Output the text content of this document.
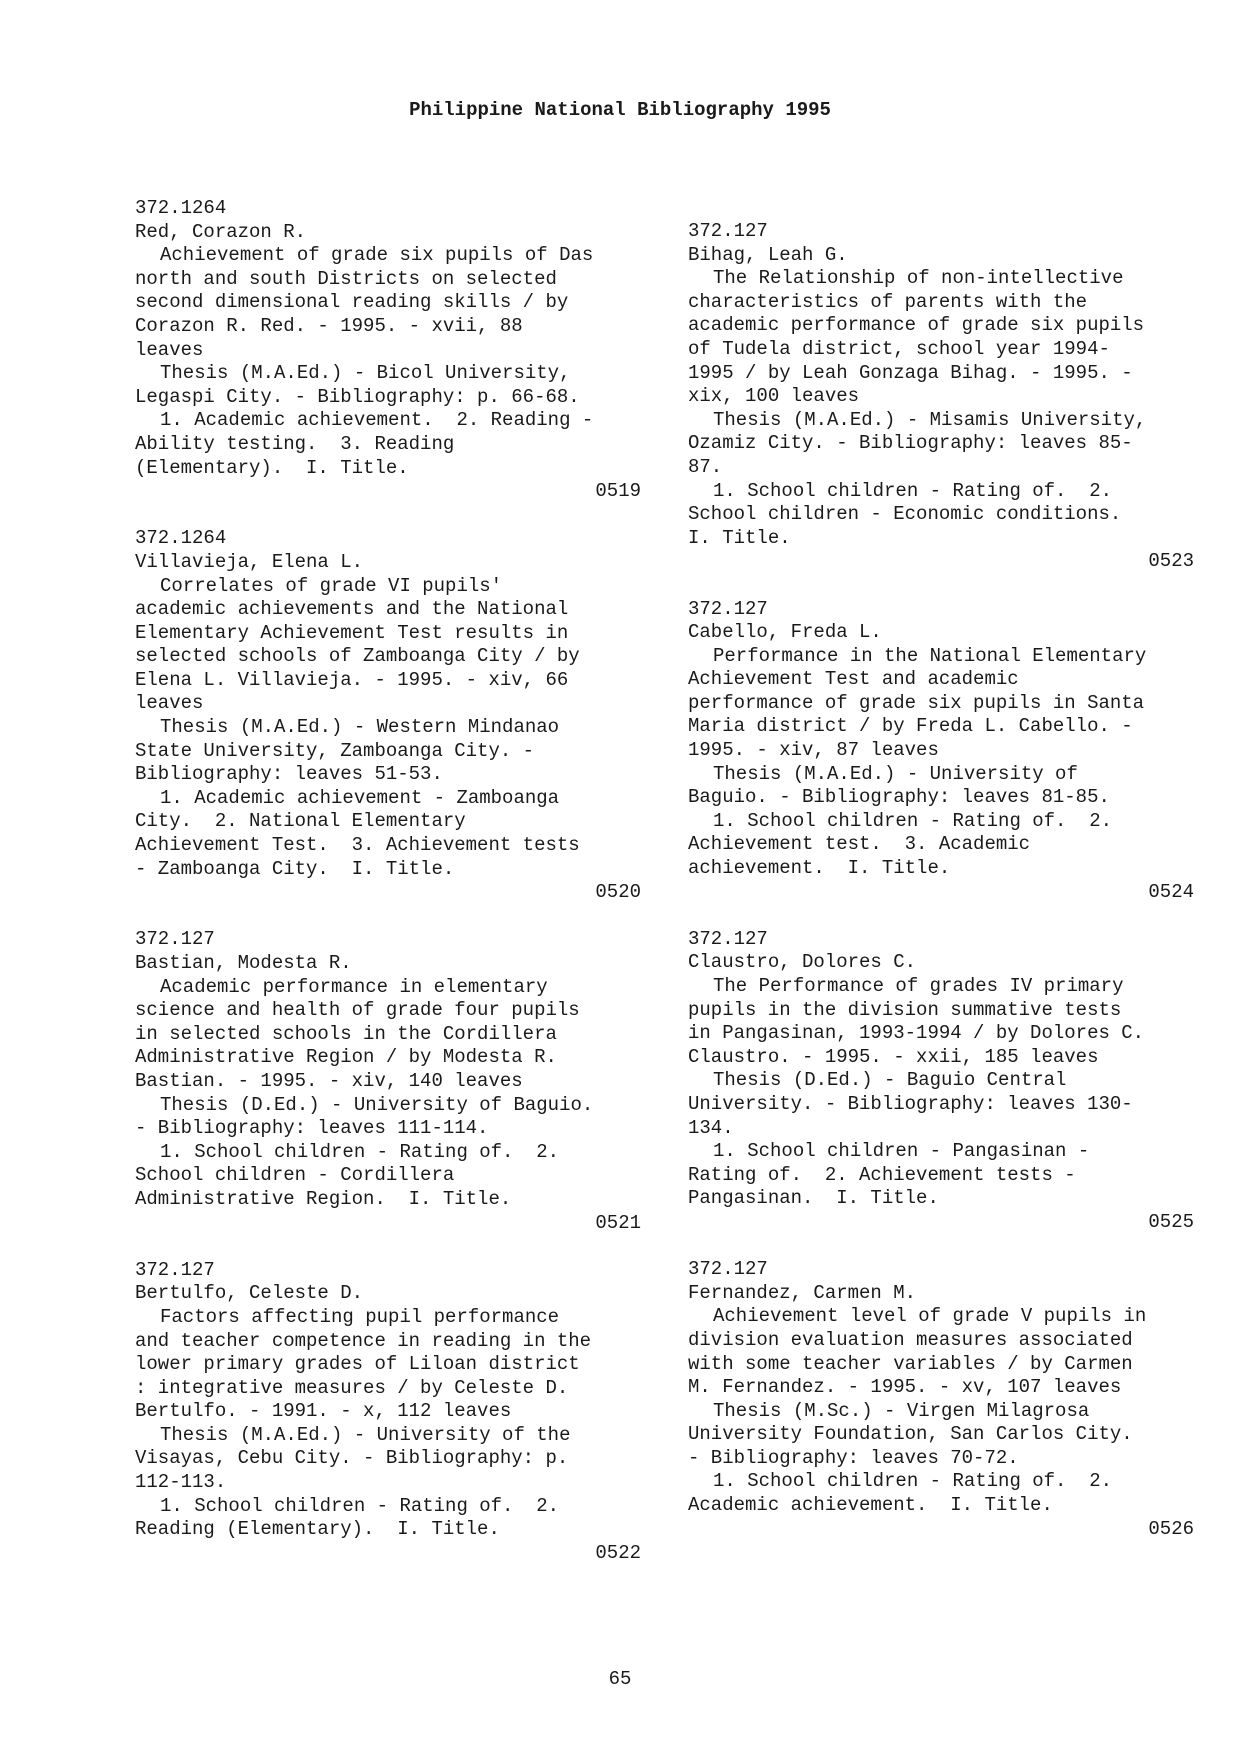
Philippine National Bibliography 1995
372.1264
Red, Corazon R.
Achievement of grade six pupils of Das
north and south Districts on selected
second dimensional reading skills / by
Corazon R. Red. - 1995. - xvii, 88
leaves
Thesis (M.A.Ed.) - Bicol University,
Legaspi City. - Bibliography: p. 66-68.
1. Academic achievement.  2. Reading -
Ability testing.  3. Reading
(Elementary).  I. Title.
0519
372.1264
Villavieja, Elena L.
Correlates of grade VI pupils'
academic achievements and the National
Elementary Achievement Test results in
selected schools of Zamboanga City / by
Elena L. Villavieja. - 1995. - xiv, 66
leaves
Thesis (M.A.Ed.) - Western Mindanao
State University, Zamboanga City. -
Bibliography: leaves 51-53.
1. Academic achievement - Zamboanga
City.  2. National Elementary
Achievement Test.  3. Achievement tests
- Zamboanga City.  I. Title.
0520
372.127
Bastian, Modesta R.
Academic performance in elementary
science and health of grade four pupils
in selected schools in the Cordillera
Administrative Region / by Modesta R.
Bastian. - 1995. - xiv, 140 leaves
Thesis (D.Ed.) - University of Baguio.
- Bibliography: leaves 111-114.
1. School children - Rating of.  2.
School children - Cordillera
Administrative Region.  I. Title.
0521
372.127
Bertulfo, Celeste D.
Factors affecting pupil performance
and teacher competence in reading in the
lower primary grades of Liloan district
: integrative measures / by Celeste D.
Bertulfo. - 1991. - x, 112 leaves
Thesis (M.A.Ed.) - University of the
Visayas, Cebu City. - Bibliography: p.
112-113.
1. School children - Rating of.  2.
Reading (Elementary).  I. Title.
0522
372.127
Bihag, Leah G.
The Relationship of non-intellective
characteristics of parents with the
academic performance of grade six pupils
of Tudela district, school year 1994-
1995 / by Leah Gonzaga Bihag. - 1995. -
xix, 100 leaves
Thesis (M.A.Ed.) - Misamis University,
Ozamiz City. - Bibliography: leaves 85-
87.
1. School children - Rating of.  2.
School children - Economic conditions.
I. Title.
0523
372.127
Cabello, Freda L.
Performance in the National Elementary
Achievement Test and academic
performance of grade six pupils in Santa
Maria district / by Freda L. Cabello. -
1995. - xiv, 87 leaves
Thesis (M.A.Ed.) - University of
Baguio. - Bibliography: leaves 81-85.
1. School children - Rating of.  2.
Achievement test.  3. Academic
achievement.  I. Title.
0524
372.127
Claustro, Dolores C.
The Performance of grades IV primary
pupils in the division summative tests
in Pangasinan, 1993-1994 / by Dolores C.
Claustro. - 1995. - xxii, 185 leaves
Thesis (D.Ed.) - Baguio Central
University. - Bibliography: leaves 130-
134.
1. School children - Pangasinan -
Rating of.  2. Achievement tests -
Pangasinan.  I. Title.
0525
372.127
Fernandez, Carmen M.
Achievement level of grade V pupils in
division evaluation measures associated
with some teacher variables / by Carmen
M. Fernandez. - 1995. - xv, 107 leaves
Thesis (M.Sc.) - Virgen Milagrosa
University Foundation, San Carlos City.
- Bibliography: leaves 70-72.
1. School children - Rating of.  2.
Academic achievement.  I. Title.
0526
65
